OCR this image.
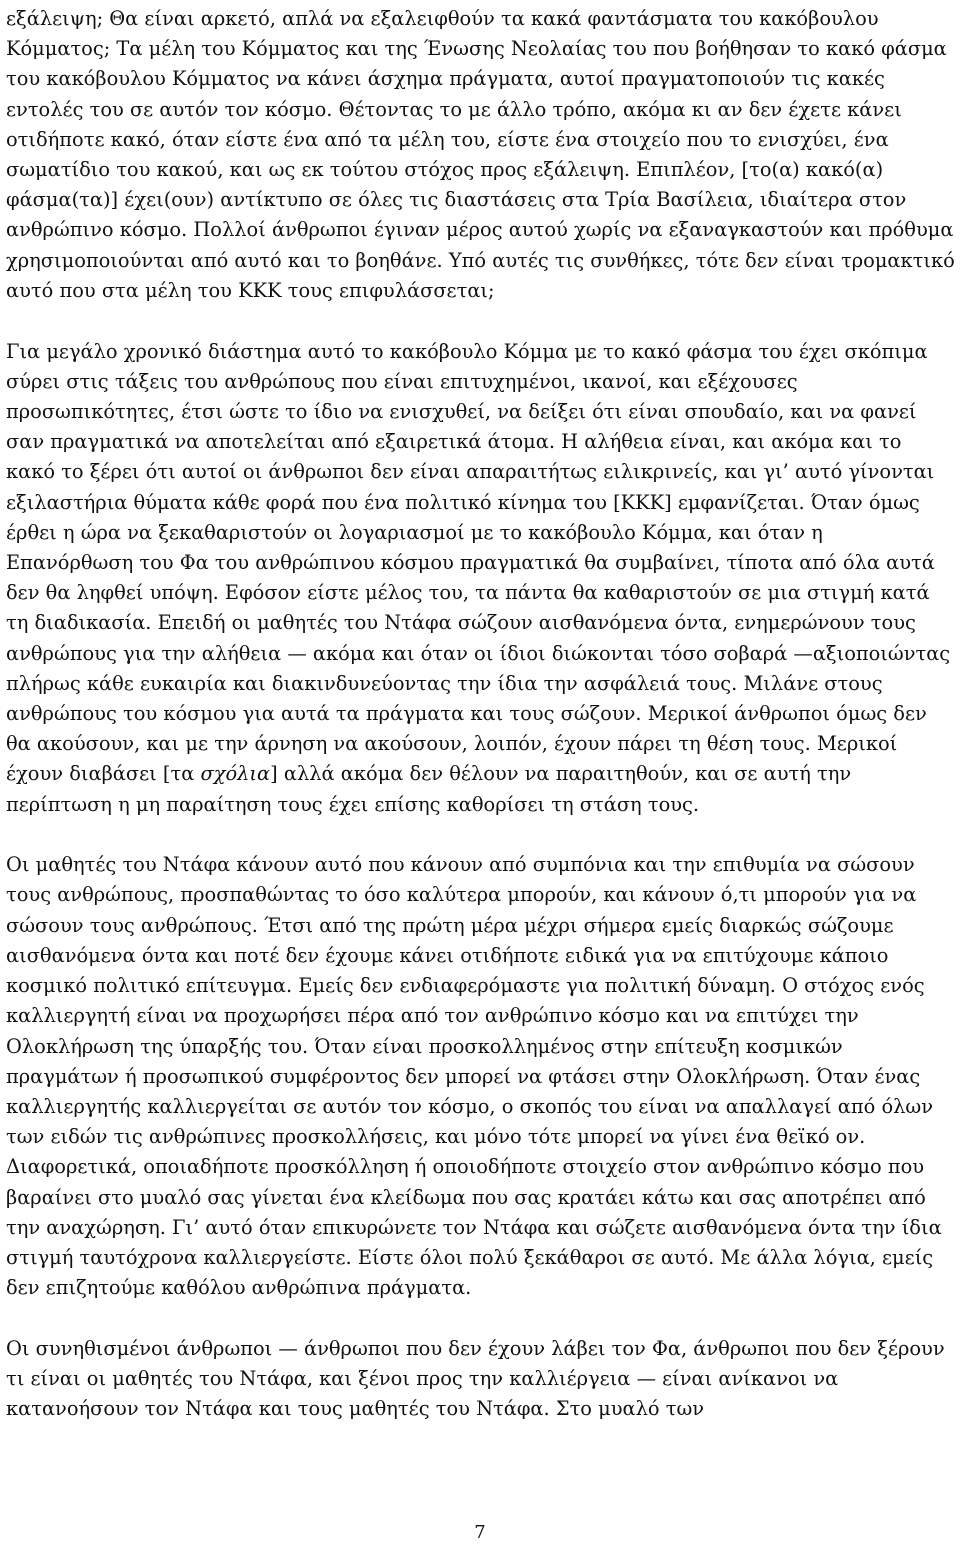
εξάλειψη; Θα είναι αρκετό, απλά να εξαλειφθούν τα κακά φαντάσματα του κακόβουλου Κόμματος; Τα μέλη του Κόμματος και της Ένωσης Νεολαίας του που βοήθησαν το κακό φάσμα του κακόβουλου Κόμματος να κάνει άσχημα πράγματα, αυτοί πραγματοποιούν τις κακές εντολές του σε αυτόν τον κόσμο. Θέτοντας το με άλλο τρόπο, ακόμα κι αν δεν έχετε κάνει οτιδήποτε κακό, όταν είστε ένα από τα μέλη του, είστε ένα στοιχείο που το ενισχύει, ένα σωματίδιο του κακού, και ως εκ τούτου στόχος προς εξάλειψη. Επιπλέον, [το(α) κακό(α) φάσμα(τα)] έχει(ουν) αντίκτυπο σε όλες τις διαστάσεις στα Τρία Βασίλεια, ιδιαίτερα στον ανθρώπινο κόσμο. Πολλοί άνθρωποι έγιναν μέρος αυτού χωρίς να εξαναγκαστούν και πρόθυμα χρησιμοποιούνται από αυτό και το βοηθάνε. Υπό αυτές τις συνθήκες, τότε δεν είναι τρομακτικό αυτό που στα μέλη του ΚΚΚ τους επιφυλάσσεται;

Για μεγάλο χρονικό διάστημα αυτό το κακόβουλο Κόμμα με το κακό φάσμα του έχει σκόπιμα σύρει στις τάξεις του ανθρώπους που είναι επιτυχημένοι, ικανοί, και εξέχουσες προσωπικότητες, έτσι ώστε το ίδιο να ενισχυθεί, να δείξει ότι είναι σπουδαίο, και να φανεί σαν πραγματικά να αποτελείται από εξαιρετικά άτομα. Η αλήθεια είναι, και ακόμα και το κακό το ξέρει ότι αυτοί οι άνθρωποι δεν είναι απαραιτήτως ειλικρινείς, και γι’ αυτό γίνονται εξιλαστήρια θύματα κάθε φορά που ένα πολιτικό κίνημα του [ΚΚΚ] εμφανίζεται. Όταν όμως έρθει η ώρα να ξεκαθαριστούν οι λογαριασμοί με το κακόβουλο Κόμμα, και όταν η Επανόρθωση του Φα του ανθρώπινου κόσμου πραγματικά θα συμβαίνει, τίποτα από όλα αυτά δεν θα ληφθεί υπόψη. Εφόσον είστε μέλος του, τα πάντα θα καθαριστούν σε μια στιγμή κατά τη διαδικασία. Επειδή οι μαθητές του Ντάφα σώζουν αισθανόμενα όντα, ενημερώνουν τους ανθρώπους για την αλήθεια — ακόμα και όταν οι ίδιοι διώκονται τόσο σοβαρά —αξιοποιώντας πλήρως κάθε ευκαιρία και διακινδυνεύοντας την ίδια την ασφάλειά τους. Μιλάνε στους ανθρώπους του κόσμου για αυτά τα πράγματα και τους σώζουν. Μερικοί άνθρωποι όμως δεν θα ακούσουν, και με την άρνηση να ακούσουν, λοιπόν, έχουν πάρει τη θέση τους. Μερικοί έχουν διαβάσει [τα σχόλια] αλλά ακόμα δεν θέλουν να παραιτηθούν, και σε αυτή την περίπτωση η μη παραίτηση τους έχει επίσης καθορίσει τη στάση τους.

Οι μαθητές του Ντάφα κάνουν αυτό που κάνουν από συμπόνια και την επιθυμία να σώσουν τους ανθρώπους, προσπαθώντας το όσο καλύτερα μπορούν, και κάνουν ό,τι μπορούν για να σώσουν τους ανθρώπους. Έτσι από της πρώτη μέρα μέχρι σήμερα εμείς διαρκώς σώζουμε αισθανόμενα όντα και ποτέ δεν έχουμε κάνει οτιδήποτε ειδικά για να επιτύχουμε κάποιο κοσμικό πολιτικό επίτευγμα. Εμείς δεν ενδιαφερόμαστε για πολιτική δύναμη. Ο στόχος ενός καλλιεργητή είναι να προχωρήσει πέρα από τον ανθρώπινο κόσμο και να επιτύχει την Ολοκλήρωση της ύπαρξής του. Όταν είναι προσκολλημένος στην επίτευξη κοσμικών πραγμάτων ή προσωπικού συμφέροντος δεν μπορεί να φτάσει στην Ολοκλήρωση. Όταν ένας καλλιεργητής καλλιεργείται σε αυτόν τον κόσμο, ο σκοπός του είναι να απαλλαγεί από όλων των ειδών τις ανθρώπινες προσκολλήσεις, και μόνο τότε μπορεί να γίνει ένα θεϊκό ον. Διαφορετικά, οποιαδήποτε προσκόλληση ή οποιοδήποτε στοιχείο στον ανθρώπινο κόσμο που βαραίνει στο μυαλό σας γίνεται ένα κλείδωμα που σας κρατάει κάτω και σας αποτρέπει από την αναχώρηση. Γι’ αυτό όταν επικυρώνετε τον Ντάφα και σώζετε αισθανόμενα όντα την ίδια στιγμή ταυτόχρονα καλλιεργείστε. Είστε όλοι πολύ ξεκάθαροι σε αυτό. Με άλλα λόγια, εμείς δεν επιζητούμε καθόλου ανθρώπινα πράγματα.

Οι συνηθισμένοι άνθρωποι — άνθρωποι που δεν έχουν λάβει τον Φα, άνθρωποι που δεν ξέρουν τι είναι οι μαθητές του Ντάφα, και ξένοι προς την καλλιέργεια — είναι ανίκανοι να κατανοήσουν τον Ντάφα και τους μαθητές του Ντάφα. Στο μυαλό των

7
